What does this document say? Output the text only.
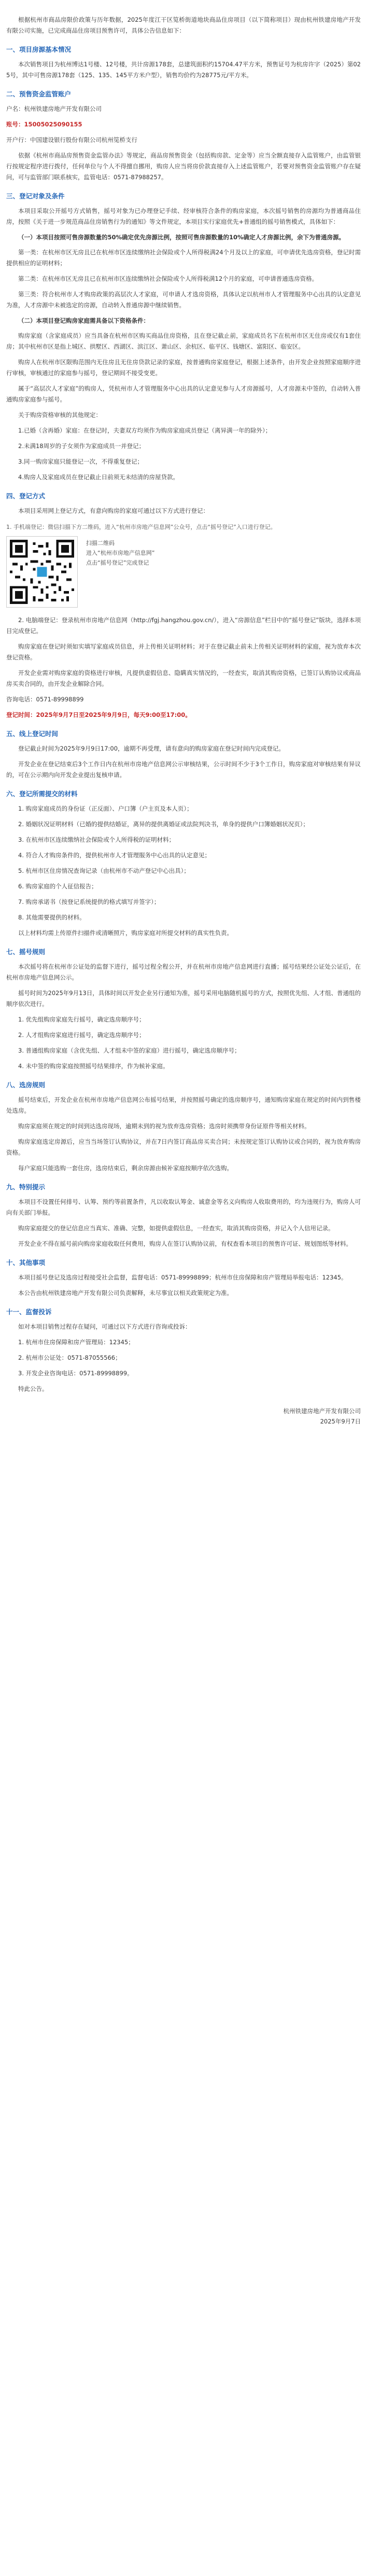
根据杭州市商品房限价政策与历年数据，2025年度江干区笕桥街道地块商品住房项目（以下简称项目）现由杭州铁建房地产开发有限公司实施，已完成商品住房项目预售许可，具体公告信息如下：

一、项目房源基本情况

本次销售项目为杭州博达1号楼、12号楼，共计房源178套，总建筑面积约15704.47平方米，预售证号为杭房许字（2025）第025号，其中可售房源178套（125、135、145平方米户型），销售均价约为28775元/平方米。

二、预售资金监管账户

户名：杭州铁建房地产开发有限公司

账号：15005025090155

开户行：中国建设银行股份有限公司杭州笕桥支行

依据《杭州市商品房预售资金监管办法》等规定，商品房预售资金（包括购房款、定金等）应当全额直接存入监管账户，由监管银行按规定程序进行拨付，任何单位与个人不得擅自挪用，购房人应当将房价款直接存入上述监管账户，若要对预售资金监管账户存在疑问，可与监管部门联系核实，监管电话：0571-87988257。

三、登记对象及条件

本项目采取公开摇号方式销售，摇号对象为已办理登记手续、经审核符合条件的购房家庭，本次摇号销售的房源均为普通商品住房，按照《关于进一步规范商品住房销售行为的通知》等文件规定，本项目实行家庭优先+普通组的摇号销售模式，具体如下：

（一）本项目按照可售房源数量的50%确定优先房源比例，按照可售房源数量的10%确定人才房源比例，余下为普通房源。

第一类：在杭州市区无房且已在杭州市区连续缴纳社会保险或个人所得税满24个月及以上的家庭，可申请优先选房资格，登记时需提供相应的证明材料；

第二类：在杭州市区无房且已在杭州市区连续缴纳社会保险或个人所得税满12个月的家庭，可申请普通选房资格。

第三类：符合杭州市人才购房政策的高层次人才家庭，可申请人才选房资格，具体认定以杭州市人才管理服务中心出具的认定意见为准，人才房源中未被选定的房源，自动转入普通房源中继续销售。

（二）本项目登记购房家庭需具备以下资格条件：

购房家庭（含家庭成员）应当具备在杭州市区购买商品住房资格，且在登记截止前，家庭成员名下在杭州市区无住房或仅有1套住房；其中杭州市区是指上城区、拱墅区、西湖区、滨江区、萧山区、余杭区、临平区、钱塘区、富阳区、临安区。

购房人在杭州市区限购范围内无住房且无住房贷款记录的家庭，按普通购房家庭登记，根据上述条件，由开发企业按照家庭顺序进行审核，审核通过的家庭参与摇号，登记期间不接受变更。

属于“高层次人才家庭”的购房人，凭杭州市人才管理服务中心出具的认定意见参与人才房源摇号，人才房源未中签的，自动转入普通购房家庭参与摇号。

关于购房资格审核的其他规定：

1.已婚（含再婚）家庭：在登记时，夫妻双方均须作为购房家庭成员登记（离异满一年的除外）；

2.未满18周岁的子女须作为家庭成员一并登记；

3.同一购房家庭只能登记一次，不得重复登记；

4.购房人及家庭成员在登记截止日前须无未结清的房屋贷款。

四、登记方式

本项目采用网上登记方式，有意向购房的家庭可通过以下方式进行登记：

1. 手机端登记：微信扫描下方二维码，进入“杭州市房地产信息网”公众号，点击“摇号登记”入口进行登记。
扫描二维码
进入“杭州市房地产信息网”
点击“摇号登记”完成登记

2. 电脑端登记：登录杭州市房地产信息网（http://fgj.hangzhou.gov.cn/），进入“房源信息”栏目中的“摇号登记”版块，选择本项目完成登记。

购房家庭在登记时须如实填写家庭成员信息，并上传相关证明材料；对于在登记截止前未上传相关证明材料的家庭，视为放弃本次登记资格。

开发企业需对购房家庭的资格进行审核，凡提供虚假信息、隐瞒真实情况的，一经查实，取消其购房资格，已签订认购协议或商品房买卖合同的，由开发企业解除合同。

咨询电话：0571-89998899

登记时间：2025年9月7日至2025年9月9日，每天9:00至17:00。

五、线上登记时间

登记截止时间为2025年9月9日17:00，逾期不再受理，请有意向的购房家庭在登记时间内完成登记。

开发企业在登记结束后3个工作日内在杭州市房地产信息网公示审核结果，公示时间不少于3个工作日，购房家庭对审核结果有异议的，可在公示期内向开发企业提出复核申请。

六、登记所需提交的材料

1. 购房家庭成员的身份证（正反面）、户口簿（户主页及本人页）；

2. 婚姻状况证明材料（已婚的提供结婚证，离异的提供离婚证或法院判决书，单身的提供户口簿婚姻状况页）；

3. 在杭州市区连续缴纳社会保险或个人所得税的证明材料；

4. 符合人才购房条件的，提供杭州市人才管理服务中心出具的认定意见；

5. 杭州市区住房情况查询记录（由杭州市不动产登记中心出具）；

6. 购房家庭的个人征信报告；

7. 购房承诺书（按登记系统提供的格式填写并签字）；

8. 其他需要提供的材料。

以上材料均需上传原件扫描件或清晰照片，购房家庭对所提交材料的真实性负责。

七、摇号规则

本次摇号将在杭州市公证处的监督下进行，摇号过程全程公开，并在杭州市房地产信息网进行直播；摇号结果经公证处公证后，在杭州市房地产信息网公示。

摇号时间为2025年9月13日，具体时间以开发企业另行通知为准，摇号采用电脑随机摇号的方式，按照优先组、人才组、普通组的顺序依次进行。

1. 优先组购房家庭先行摇号，确定选房顺序号；

2. 人才组购房家庭进行摇号，确定选房顺序号；

3. 普通组购房家庭（含优先组、人才组未中签的家庭）进行摇号，确定选房顺序号；

4. 未中签的购房家庭按照摇号结果排序，作为候补家庭。

八、选房规则

摇号结束后，开发企业在杭州市房地产信息网公布摇号结果，并按照摇号确定的选房顺序号，通知购房家庭在规定的时间内到售楼处选房。

购房家庭须在规定的时间到达选房现场，逾期未到的视为放弃选房资格；选房时须携带身份证原件等相关材料。

购房家庭选定房源后，应当当场签订认购协议，并在7日内签订商品房买卖合同；未按规定签订认购协议或合同的，视为放弃购房资格。

每户家庭只能选购一套住房，选房结束后，剩余房源由候补家庭按顺序依次选购。

九、特别提示

本项目不设置任何排号、认筹、预约等前置条件，凡以收取认筹金、诚意金等名义向购房人收取费用的，均为违规行为，购房人可向有关部门举报。

购房家庭提交的登记信息应当真实、准确、完整，如提供虚假信息，一经查实，取消其购房资格，并记入个人信用记录。

开发企业不得在摇号前向购房家庭收取任何费用，购房人在签订认购协议前，有权查看本项目的预售许可证、规划图纸等材料。

十、其他事项

本项目摇号登记及选房过程接受社会监督，监督电话：0571-89998899；杭州市住房保障和房产管理局举报电话：12345。

本公告由杭州铁建房地产开发有限公司负责解释，未尽事宜以相关政策规定为准。

十一、监督投诉

如对本项目销售过程存在疑问，可通过以下方式进行咨询或投诉：

1. 杭州市住房保障和房产管理局：12345；

2. 杭州市公证处：0571-87055566；

3. 开发企业咨询电话：0571-89998899。

特此公告。

杭州铁建房地产开发有限公司
2025年9月7日
